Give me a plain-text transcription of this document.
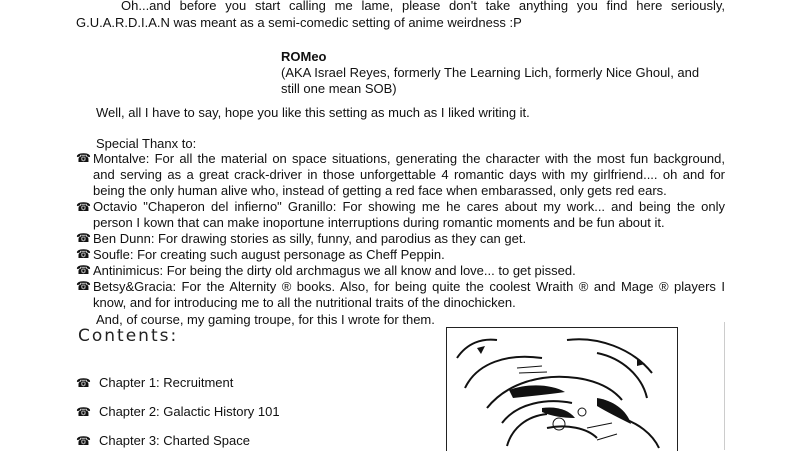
Oh...and before you start calling me lame, please don't take anything you find here seriously,

G.U.A.R.D.I.A.N was meant as a semi-comedic setting of anime weirdness :P

ROMeo

(AKA Israel Reyes, formerly The Learning Lich, formerly Nice Ghoul, and

still one mean SOB)

Well, all I have to say, hope you like this setting as much as I liked writing it.

Special Thanx to:

☎ Montalve: For all the material on space situations, generating the character with the most fun background,

and serving as a great crack-driver in those unforgettable 4 romantic days with my girlfriend.... oh and for

being the only human alive who, instead of getting a red face when embarassed, only gets red ears.

☎ Octavio "Chaperon del infierno" Granillo: For showing me he cares about my work... and being the only

person I kown that can make inoportune interruptions during romantic moments and be fun about it.

☎ Ben Dunn: For drawing stories as silly, funny, and parodius as they can get.

☎ Soufle: For creating such august personage as Cheff Peppin.

☎ Antinimicus: For being the dirty old archmagus we all know and love... to get pissed.

☎ Betsy&Gracia: For the Alternity ® books. Also, for being quite the coolest Wraith ® and Mage ® players I

know, and for introducing me to all the nutritional traits of the dinochicken.

And, of course, my gaming troupe, for this I wrote for them.

Contents:
☎ Chapter 1: Recruitment
☎ Chapter 2: Galactic History 101
☎ Chapter 3: Charted Space
